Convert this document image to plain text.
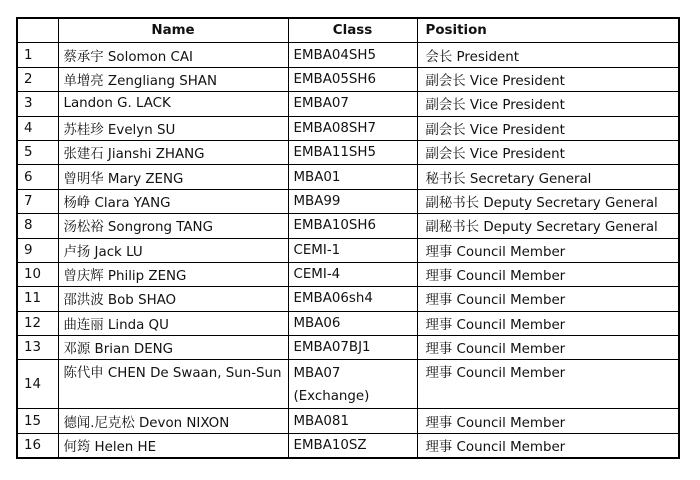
	Name	Class	Position
1	蔡承宇 Solomon CAI	EMBA04SH5	会长 President
2	单增亮 Zengliang SHAN	EMBA05SH6	副会长 Vice President
3	Landon G. LACK	EMBA07	副会长 Vice President
4	苏桂珍 Evelyn SU	EMBA08SH7	副会长 Vice President
5	张建石 Jianshi ZHANG	EMBA11SH5	副会长 Vice President
6	曾明华 Mary ZENG	MBA01	秘书长 Secretary General
7	杨峥 Clara YANG	MBA99	副秘书长 Deputy Secretary General
8	汤松裕 Songrong TANG	EMBA10SH6	副秘书长 Deputy Secretary General
9	卢扬 Jack LU	CEMI-1	理事 Council Member
10	曾庆辉 Philip ZENG	CEMI-4	理事 Council Member
11	邵洪波 Bob SHAO	EMBA06sh4	理事 Council Member
12	曲连丽 Linda QU	MBA06	理事 Council Member
13	邓源 Brian DENG	EMBA07BJ1	理事 Council Member
14	陈代申 CHEN De Swaan, Sun-Sun	MBA07 (Exchange)	理事 Council Member
15	德闻.尼克松 Devon NIXON	MBA081	理事 Council Member
16	何筠 Helen HE	EMBA10SZ	理事 Council Member
